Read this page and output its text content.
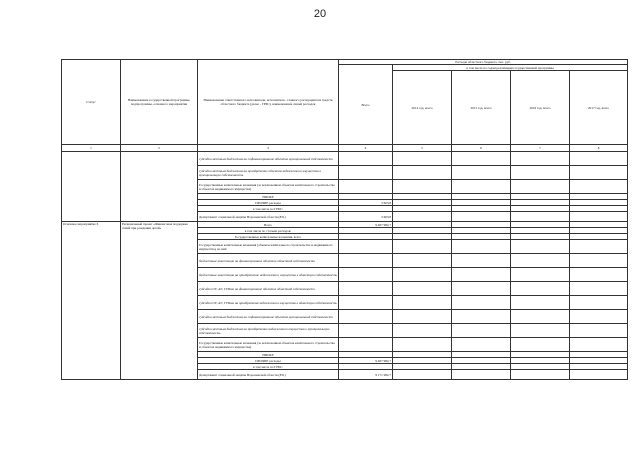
20
Статус	Наименование государственной программы, подпрограммы, основного мероприятия	Наименование ответственного исполнителя, исполнителя - главного распорядителя средств областного бюджета (далее - ГРБС), наименование связей расходов	Расходы областного бюджета, тыс. руб.				
			Всего	в том числе по годам реализации государственной программы			
				2014 год, всего	2015 год, всего	2016 год, всего	2017 год, всего
1	2	3	4	5	6	7	8
		субсидии местным бюджетам на софинансирование объектов муниципальной собственности					
		субсидии местным бюджетам на приобретение объектов недвижимого имущества в муниципальную собственность					
		Государственные капитальные вложения (за исключением объектов капитального строительства и объектов недвижимого имущества)					
		НИОКР					
		ПРОЧИЕ расходы	3 603,8				
		в том числе по ГРБС:					
		Департамент социальной защиты Воронежской области (831)	3 603,8				
Основное мероприятие 6	Региональный проект «Финансовая поддержка семей при рождении детей»	Всего	9 407 982,7				
		в том числе по статьям расходов:					
		Государственные капитальные вложения, всего					
		Государственные капитальные вложения (объекты капитального строительства и недвижимого имущества), из них:					
		бюджетные инвестиции на финансирование объектов областной собственности					
		бюджетные инвестиции на приобретение недвижимого имущества в областную собственность					
		субсидии ОУ, АУ, ГУПам на финансирование объектов областной собственности					
		субсидии ОУ, АУ, ГУПам на приобретение недвижимого имущества в областную собственность					
		субсидии местным бюджетам на софинансирование объектов муниципальной собственности					
		субсидии местным бюджетам на приобретение недвижимого имущества в муниципальную собственность					
		Государственные капитальные вложения (за исключением объектов капитального строительства и объектов недвижимого имущества)					
		НИОКР					
		ПРОЧИЕ расходы	9 407 982,7				
		в том числе по ГРБС:					
		Департамент социальной защиты Воронежской области (831)	9 171 982,7				
